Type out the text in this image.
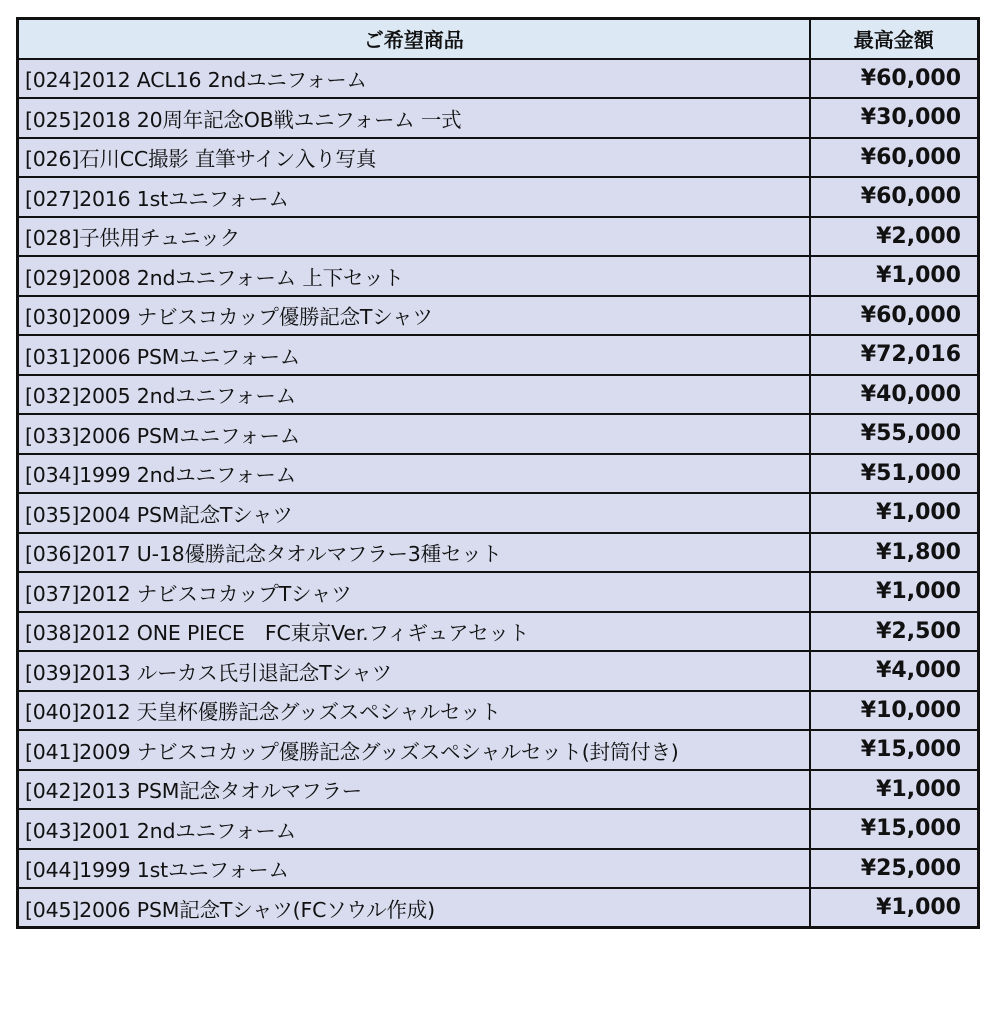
ご希望商品	最高金額
[024]2012 ACL16 2ndユニフォーム	¥60,000
[025]2018 20周年記念OB戦ユニフォーム 一式	¥30,000
[026]石川CC撮影 直筆サイン入り写真	¥60,000
[027]2016 1stユニフォーム	¥60,000
[028]子供用チュニック	¥2,000
[029]2008 2ndユニフォーム 上下セット	¥1,000
[030]2009 ナビスコカップ優勝記念Tシャツ	¥60,000
[031]2006 PSMユニフォーム	¥72,016
[032]2005 2ndユニフォーム	¥40,000
[033]2006 PSMユニフォーム	¥55,000
[034]1999 2ndユニフォーム	¥51,000
[035]2004 PSM記念Tシャツ	¥1,000
[036]2017 U-18優勝記念タオルマフラー3種セット	¥1,800
[037]2012 ナビスコカップTシャツ	¥1,000
[038]2012 ONE PIECE　FC東京Ver.フィギュアセット	¥2,500
[039]2013 ルーカス氏引退記念Tシャツ	¥4,000
[040]2012 天皇杯優勝記念グッズスペシャルセット	¥10,000
[041]2009 ナビスコカップ優勝記念グッズスペシャルセット(封筒付き)	¥15,000
[042]2013 PSM記念タオルマフラー	¥1,000
[043]2001 2ndユニフォーム	¥15,000
[044]1999 1stユニフォーム	¥25,000
[045]2006 PSM記念Tシャツ(FCソウル作成)	¥1,000
